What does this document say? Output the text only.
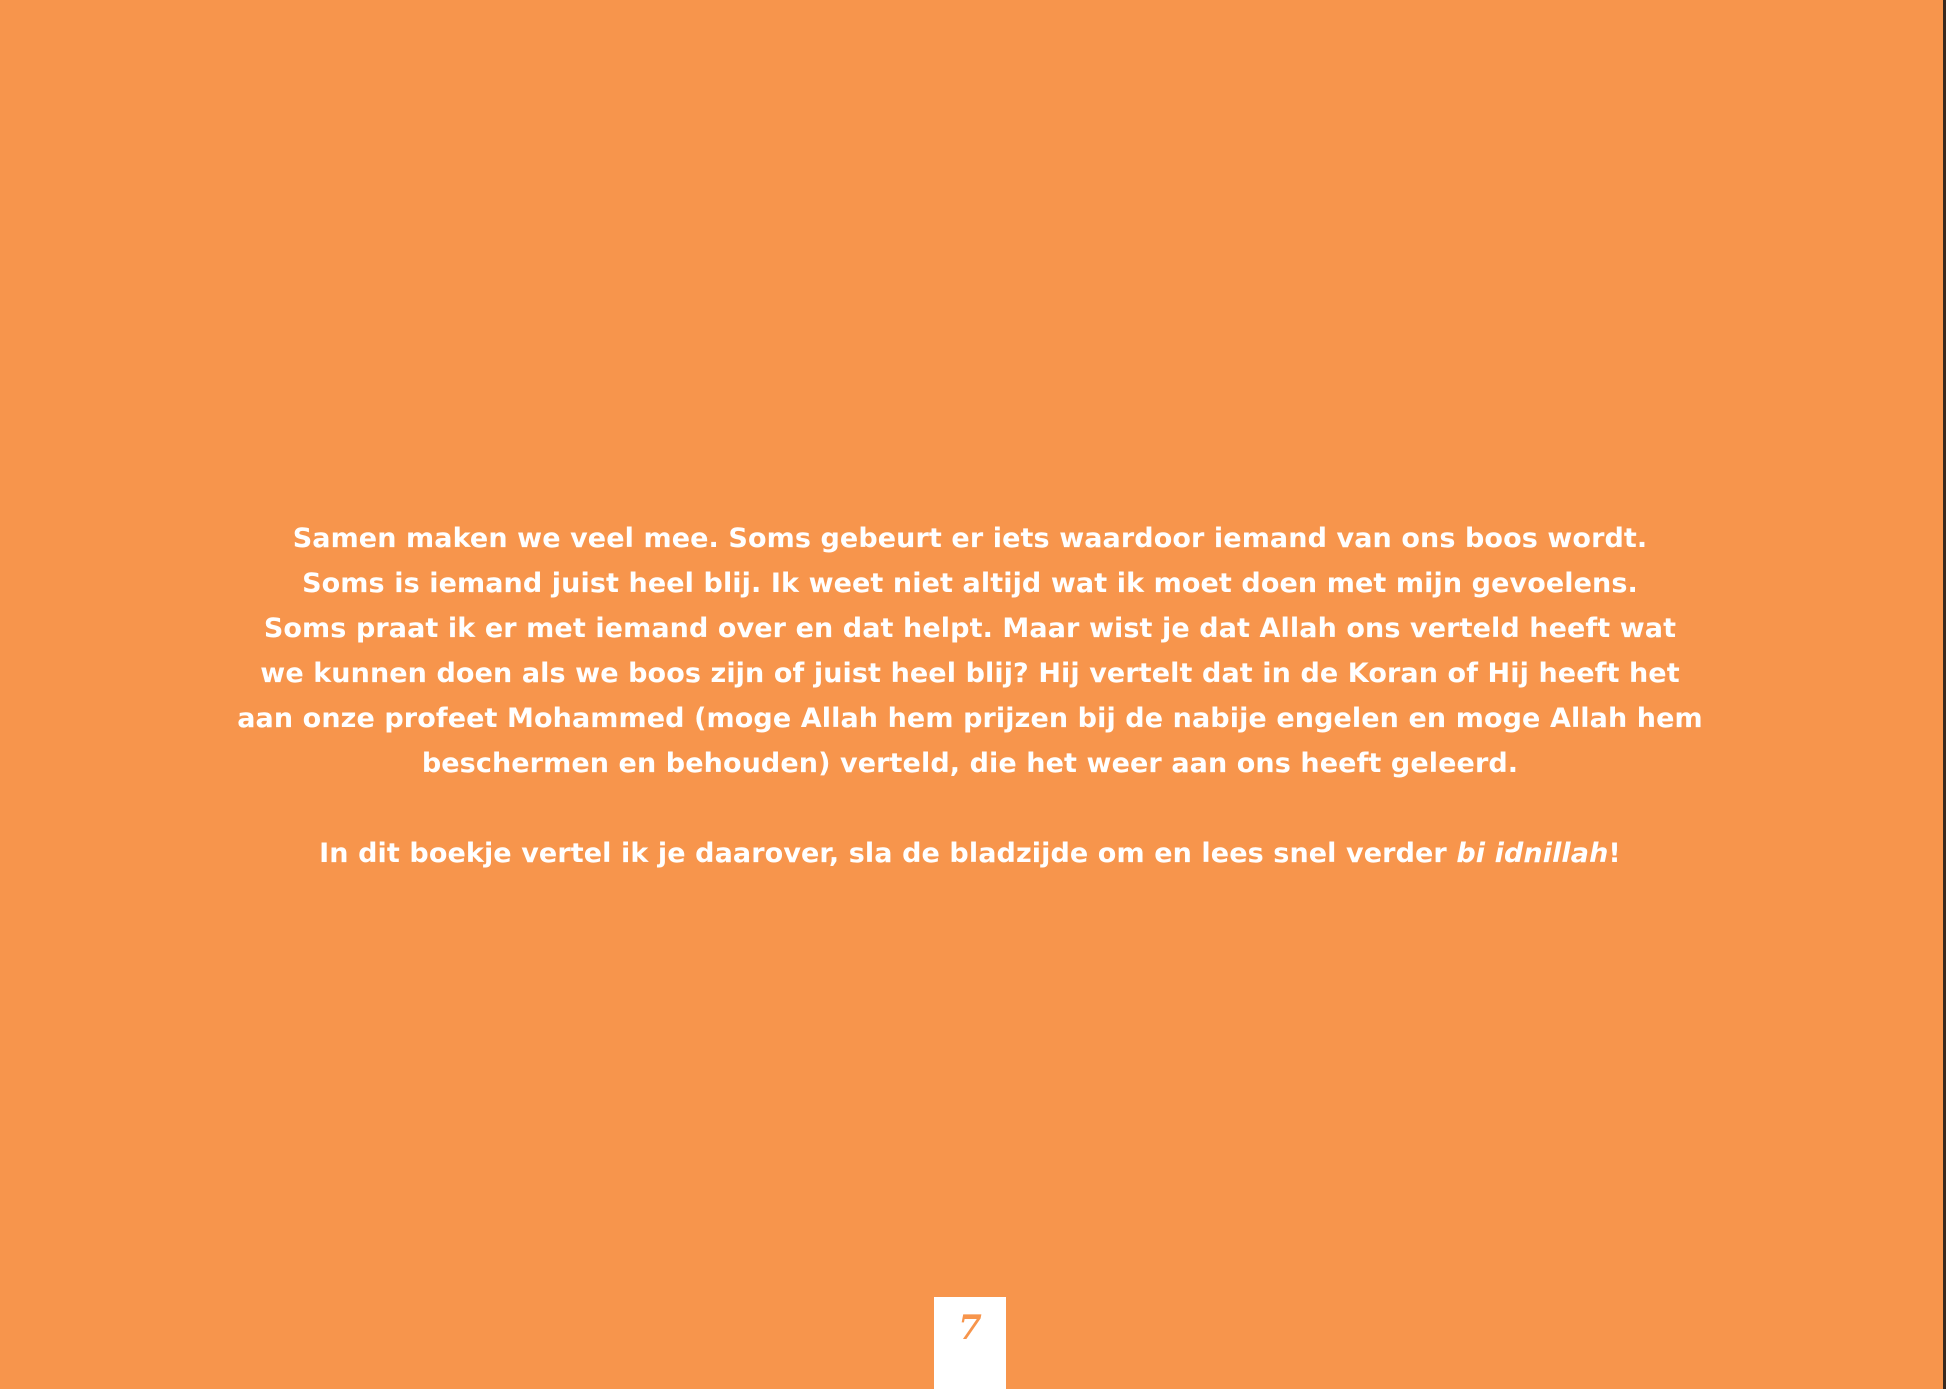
Samen maken we veel mee. Soms gebeurt er iets waardoor iemand van ons boos wordt.
Soms is iemand juist heel blij. Ik weet niet altijd wat ik moet doen met mijn gevoelens.
Soms praat ik er met iemand over en dat helpt. Maar wist je dat Allah ons verteld heeft wat
we kunnen doen als we boos zijn of juist heel blij? Hij vertelt dat in de Koran of Hij heeft het
aan onze profeet Mohammed (moge Allah hem prijzen bij de nabije engelen en moge Allah hem
beschermen en behouden) verteld, die het weer aan ons heeft geleerd.
In dit boekje vertel ik je daarover, sla de bladzijde om en lees snel verder bi idnillah!
7
